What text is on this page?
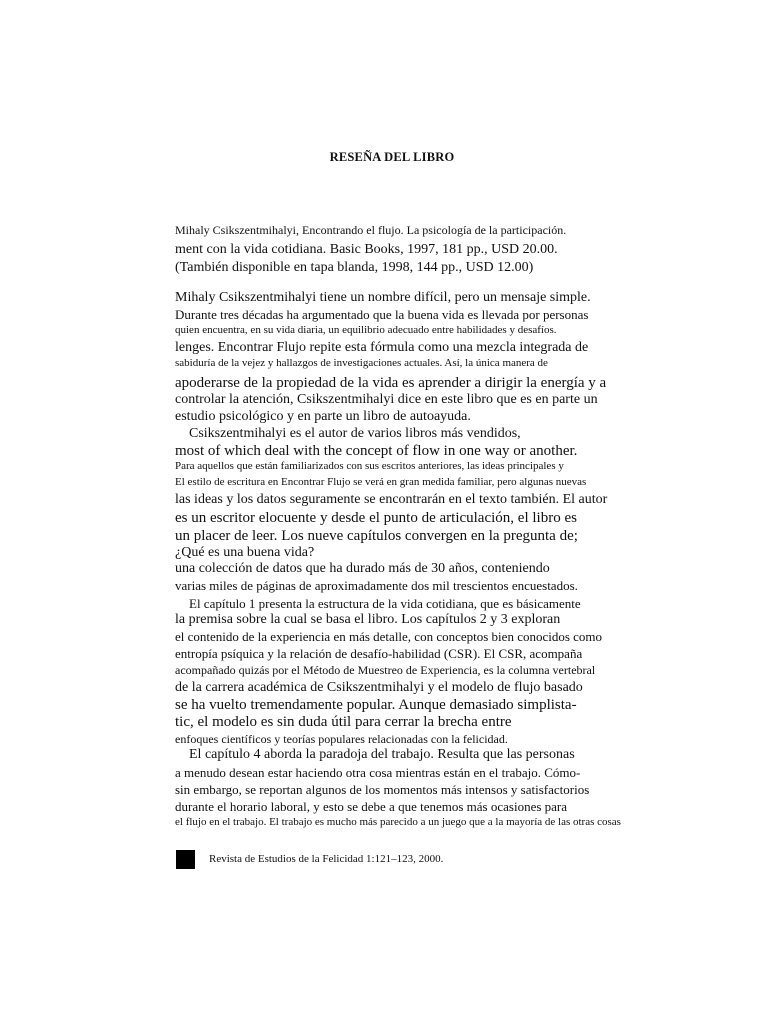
RESEÑA DEL LIBRO
Mihaly Csikszentmihalyi, Encontrando el flujo. La psicología de la participación.
ment con la vida cotidiana. Basic Books, 1997, 181 pp., USD 20.00.
(También disponible en tapa blanda, 1998, 144 pp., USD 12.00)
Mihaly Csikszentmihalyi tiene un nombre difícil, pero un mensaje simple.
Durante tres décadas ha argumentado que la buena vida es llevada por personas
quien encuentra, en su vida diaria, un equilibrio adecuado entre habilidades y desafíos.
lenges. Encontrar Flujo repite esta fórmula como una mezcla integrada de
sabiduría de la vejez y hallazgos de investigaciones actuales. Así, la única manera de
apoderarse de la propiedad de la vida es aprender a dirigir la energía y a
controlar la atención, Csikszentmihalyi dice en este libro que es en parte un
estudio psicológico y en parte un libro de autoayuda.
Csikszentmihalyi es el autor de varios libros más vendidos,
most of which deal with the concept of flow in one way or another.
Para aquellos que están familiarizados con sus escritos anteriores, las ideas principales y
El estilo de escritura en Encontrar Flujo se verá en gran medida familiar, pero algunas nuevas
las ideas y los datos seguramente se encontrarán en el texto también. El autor
es un escritor elocuente y desde el punto de articulación, el libro es
un placer de leer. Los nueve capítulos convergen en la pregunta de;
¿Qué es una buena vida?
una colección de datos que ha durado más de 30 años, conteniendo
varias miles de páginas de aproximadamente dos mil trescientos encuestados.
El capítulo 1 presenta la estructura de la vida cotidiana, que es básicamente
la premisa sobre la cual se basa el libro. Los capítulos 2 y 3 exploran
el contenido de la experiencia en más detalle, con conceptos bien conocidos como
entropía psíquica y la relación de desafío-habilidad (CSR). El CSR, acompaña
acompañado quizás por el Método de Muestreo de Experiencia, es la columna vertebral
de la carrera académica de Csikszentmihalyi y el modelo de flujo basado
se ha vuelto tremendamente popular. Aunque demasiado simplista-
tic, el modelo es sin duda útil para cerrar la brecha entre
enfoques científicos y teorías populares relacionadas con la felicidad.
El capítulo 4 aborda la paradoja del trabajo. Resulta que las personas
a menudo desean estar haciendo otra cosa mientras están en el trabajo. Cómo-
sin embargo, se reportan algunos de los momentos más intensos y satisfactorios
durante el horario laboral, y esto se debe a que tenemos más ocasiones para
el flujo en el trabajo. El trabajo es mucho más parecido a un juego que a la mayoría de las otras cosas
Revista de Estudios de la Felicidad 1:121–123, 2000.
